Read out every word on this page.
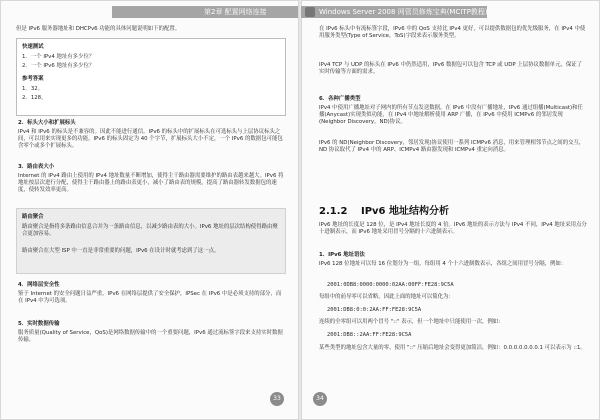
第2章 配置网络连接
但是 IPv6 服务器地址和 DHCPv6 功能的具体问题说明如下的配置。
快速测试
1．一个 IPv4 地址有多少位？
2．一个 IPv6 地址有多少位？
参考答案
1．32。
2．128。
2．标头大小和扩展标头
IPv4 和 IPv6 的标头是不兼容的。因此不能进行通信。IPv6 的标头中的扩展标头在可选标头与上层协议标头之间，可以用来实现更多的功能。IPv6 的标头固定为 40 个字节，扩展标头大小不定，一个 IPv6 的数据包可能包含零个或多个扩展标头。
3．路由表大小
Internet 的 IPv4 路由上使用的 IPv4 地址数量不断增加，使得主干路由器需要维护的路由表越来越大。IPv6 将地址按层次进行分配，使得主干路由器上的路由表更小，减小了路由表的规模，提高了路由器转发数据包的速度，使转发效率更高。
路由聚合
路由聚合是指将多条路由信息合并为一条路由信息，以减少路由表的大小。IPv6 地址的层次结构使得路由聚合更加容易。
路由聚合在大型 ISP 中一直是非常重要的问题，IPv6 在设计时就考虑到了这一点。
4．网络层安全性
鉴于 Internet 的安全问题日益严重，IPv6 在网络层提供了安全保护，IPSec 在 IPv6 中是必须支持的部分，而在 IPv4 中为可选项。
5．实时数据传输
服务质量(Quality of Service，QoS)是网络数据传输中的一个重要问题，IPv6 通过流标签字段来支持实时数据传输。
33
Windows Server 2008 网管员修炼宝典(MCITP教程)
在 IPv6 标头中有流标签字段，IPv6 中的 QoS 支持比 IPv4 更好，可以提供数据包的优先级服务，在 IPv4 中使用服务类型(Type of Service，ToS)字段来表示服务类型。
IPv4 TCP 与 UDP 的标头在 IPv6 中仍然适用，IPv6 数据包可以包含 TCP 或 UDP 上层协议数据单元，保证了实时传输等方面的需求。
6．各种广播类型
IPv4 中使用广播地址对子网内的所有节点发送数据，在 IPv6 中没有广播地址，IPv6 通过组播(Multicast)和任播(Anycast)实现类似功能，在 IPv4 中地址解析使用 ARP 广播，在 IPv6 中使用 ICMPv6 的邻居发现(Neighbor Discovery，ND)协议。
IPv6 的 ND(Neighbor Discovery，邻居发现)协议使用一系列 ICMPv6 消息，用来管理相邻节点之间的交互，ND 协议取代了 IPv4 中的 ARP、ICMPv4 路由器发现和 ICMPv4 重定向消息。
2.1.2 IPv6 地址结构分析
IPv6 地址的长度是 128 位，是 IPv4 地址长度的 4 倍。IPv6 地址的表示方法与 IPv4 不同，IPv4 地址采用点分十进制表示，而 IPv6 地址采用冒号分隔的十六进制表示。
1．IPv6 地址语法
IPv6 128 位地址可以每 16 位划分为一组，每组用 4 个十六进制数表示，各组之间用冒号分隔，例如：
2001:0DB8:0000:0000:02AA:00FF:FE28:9C5A
每组中的前导零可以省略，因此上面的地址可以简化为：
2001:DB8:0:0:2AA:FF:FE28:9C5A
连续的全零组可以用两个冒号 "::" 表示，但一个地址中只能使用一次，例如：
2001:DB8::2AA:FF:FE28:9C5A
某些类型的地址包含大量的零，使用 "::" 压缩后地址会变得更加简洁，例如：0.0.0.0.0.0.0.1 可以表示为 ::1。
34
